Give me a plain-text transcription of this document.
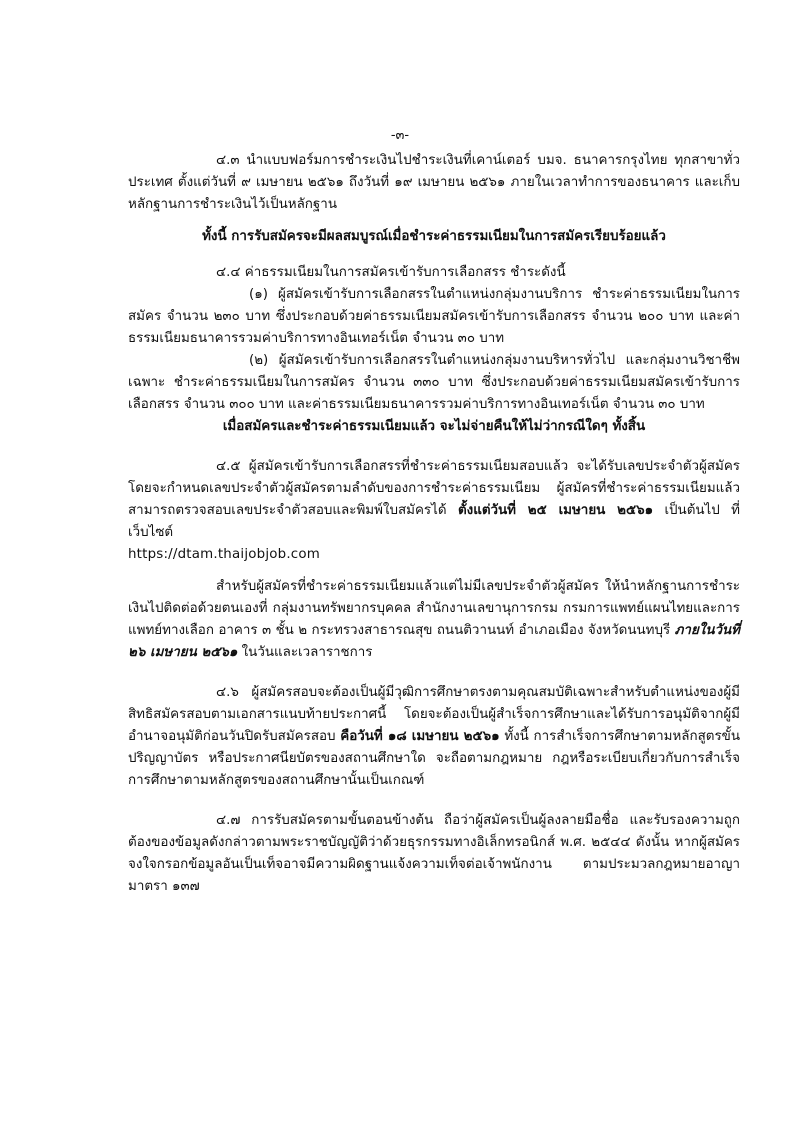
-๓-

๔.๓ นำแบบฟอร์มการชำระเงินไปชำระเงินที่เคาน์เตอร์ บมจ. ธนาคารกรุงไทย ทุกสาขาทั่วประเทศ ตั้งแต่วันที่ ๙ เมษายน ๒๕๖๑ ถึงวันที่ ๑๙ เมษายน ๒๕๖๑ ภายในเวลาทำการของธนาคาร และเก็บหลักฐานการชำระเงินไว้เป็นหลักฐาน

ทั้งนี้ การรับสมัครจะมีผลสมบูรณ์เมื่อชำระค่าธรรมเนียมในการสมัครเรียบร้อยแล้ว

๔.๔ ค่าธรรมเนียมในการสมัครเข้ารับการเลือกสรร ชำระดังนี้

(๑) ผู้สมัครเข้ารับการเลือกสรรในตำแหน่งกลุ่มงานบริการ ชำระค่าธรรมเนียมในการสมัคร จำนวน ๒๓๐ บาท ซึ่งประกอบด้วยค่าธรรมเนียมสมัครเข้ารับการเลือกสรร จำนวน ๒๐๐ บาท และค่าธรรมเนียมธนาคารรวมค่าบริการทางอินเทอร์เน็ต จำนวน ๓๐ บาท

(๒) ผู้สมัครเข้ารับการเลือกสรรในตำแหน่งกลุ่มงานบริหารทั่วไป และกลุ่มงานวิชาชีพเฉพาะ ชำระค่าธรรมเนียมในการสมัคร จำนวน ๓๓๐ บาท ซึ่งประกอบด้วยค่าธรรมเนียมสมัครเข้ารับการเลือกสรร จำนวน ๓๐๐ บาท และค่าธรรมเนียมธนาคารรวมค่าบริการทางอินเทอร์เน็ต จำนวน ๓๐ บาท

เมื่อสมัครและชำระค่าธรรมเนียมแล้ว จะไม่จ่ายคืนให้ไม่ว่ากรณีใดๆ ทั้งสิ้น

๔.๕ ผู้สมัครเข้ารับการเลือกสรรที่ชำระค่าธรรมเนียมสอบแล้ว จะได้รับเลขประจำตัวผู้สมัคร โดยจะกำหนดเลขประจำตัวผู้สมัครตามลำดับของการชำระค่าธรรมเนียม ผู้สมัครที่ชำระค่าธรรมเนียมแล้ว สามารถตรวจสอบเลขประจำตัวสอบและพิมพ์ใบสมัครได้ ตั้งแต่วันที่ ๒๕ เมษายน ๒๕๖๑ เป็นต้นไป ที่เว็บไซต์

https://dtam.thaijobjob.com

สำหรับผู้สมัครที่ชำระค่าธรรมเนียมแล้วแต่ไม่มีเลขประจำตัวผู้สมัคร ให้นำหลักฐานการชำระเงินไปติดต่อด้วยตนเองที่ กลุ่มงานทรัพยากรบุคคล สำนักงานเลขานุการกรม กรมการแพทย์แผนไทยและการแพทย์ทางเลือก อาคาร ๓ ชั้น ๒ กระทรวงสาธารณสุข ถนนติวานนท์ อำเภอเมือง จังหวัดนนทบุรี ภายในวันที่ ๒๖ เมษายน ๒๕๖๑ ในวันและเวลาราชการ

๔.๖ ผู้สมัครสอบจะต้องเป็นผู้มีวุฒิการศึกษาตรงตามคุณสมบัติเฉพาะสำหรับตำแหน่งของผู้มีสิทธิสมัครสอบตามเอกสารแนบท้ายประกาศนี้ โดยจะต้องเป็นผู้สำเร็จการศึกษาและได้รับการอนุมัติจากผู้มีอำนาจอนุมัติก่อนวันปิดรับสมัครสอบ คือวันที่ ๑๘ เมษายน ๒๕๖๑ ทั้งนี้ การสำเร็จการศึกษาตามหลักสูตรขั้นปริญญาบัตร หรือประกาศนียบัตรของสถานศึกษาใด จะถือตามกฎหมาย กฎหรือระเบียบเกี่ยวกับการสำเร็จการศึกษาตามหลักสูตรของสถานศึกษานั้นเป็นเกณฑ์

๔.๗ การรับสมัครตามขั้นตอนข้างต้น ถือว่าผู้สมัครเป็นผู้ลงลายมือชื่อ และรับรองความถูกต้องของข้อมูลดังกล่าวตามพระราชบัญญัติว่าด้วยธุรกรรมทางอิเล็กทรอนิกส์ พ.ศ. ๒๕๔๔ ดังนั้น หากผู้สมัครจงใจกรอกข้อมูลอันเป็นเท็จอาจมีความผิดฐานแจ้งความเท็จต่อเจ้าพนักงาน ตามประมวลกฎหมายอาญามาตรา ๑๓๗
